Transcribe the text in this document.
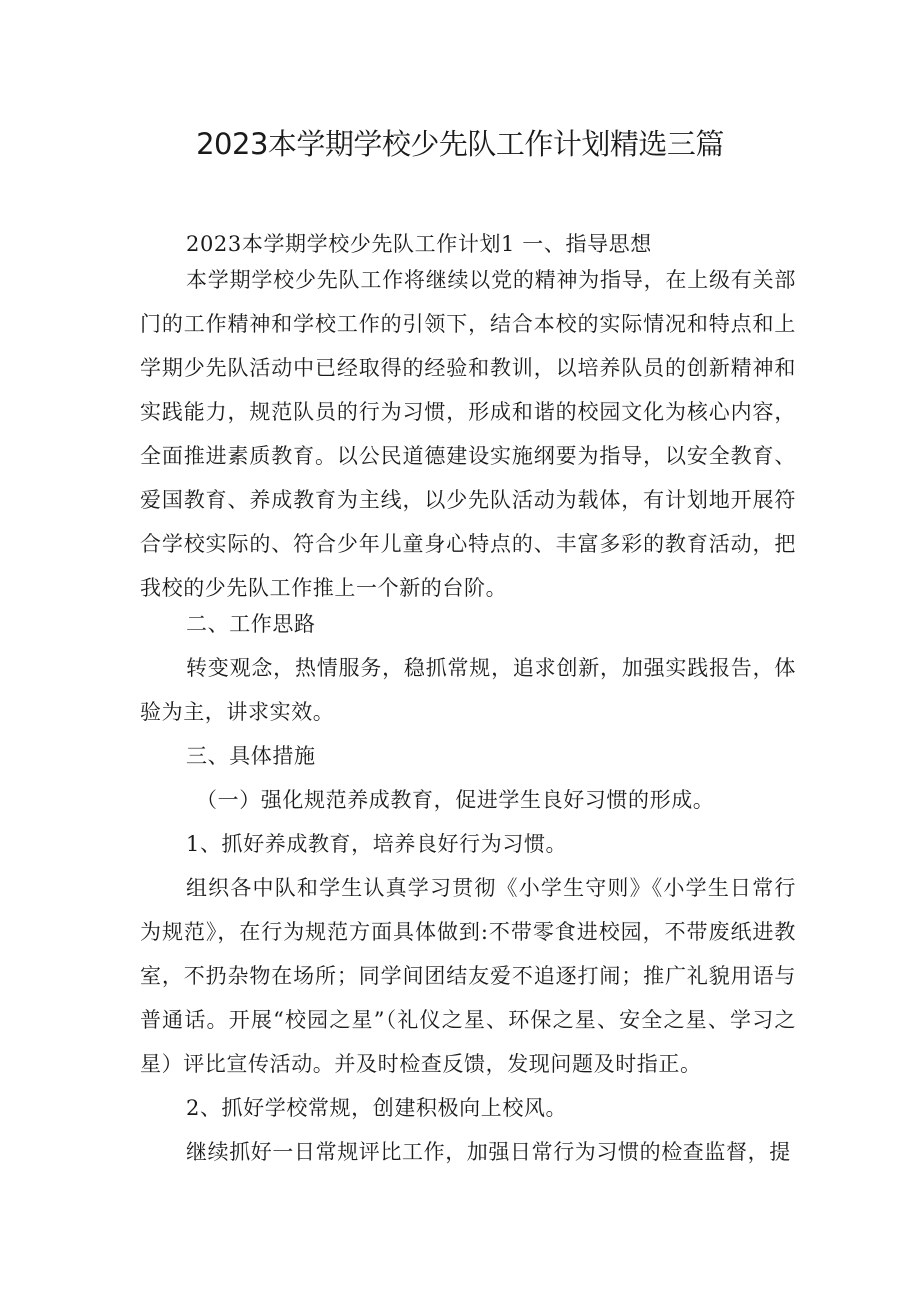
2023本学期学校少先队工作计划精选三篇

2023本学期学校少先队工作计划1 一、指导思想

本学期学校少先队工作将继续以党的精神为指导，在上级有关部门的工作精神和学校工作的引领下，结合本校的实际情况和特点和上学期少先队活动中已经取得的经验和教训，以培养队员的创新精神和实践能力，规范队员的行为习惯，形成和谐的校园文化为核心内容，全面推进素质教育。以公民道德建设实施纲要为指导，以安全教育、爱国教育、养成教育为主线，以少先队活动为载体，有计划地开展符合学校实际的、符合少年儿童身心特点的、丰富多彩的教育活动，把我校的少先队工作推上一个新的台阶。

二、工作思路

转变观念，热情服务，稳抓常规，追求创新，加强实践报告，体验为主，讲求实效。

三、具体措施

（一）强化规范养成教育，促进学生良好习惯的形成。

1、抓好养成教育，培养良好行为习惯。

组织各中队和学生认真学习贯彻《小学生守则》《小学生日常行为规范》，在行为规范方面具体做到:不带零食进校园，不带废纸进教室，不扔杂物在场所；同学间团结友爱不追逐打闹；推广礼貌用语与普通话。开展“校园之星”（礼仪之星、环保之星、安全之星、学习之星）评比宣传活动。并及时检查反馈，发现问题及时指正。

2、抓好学校常规，创建积极向上校风。

继续抓好一日常规评比工作，加强日常行为习惯的检查监督，提
